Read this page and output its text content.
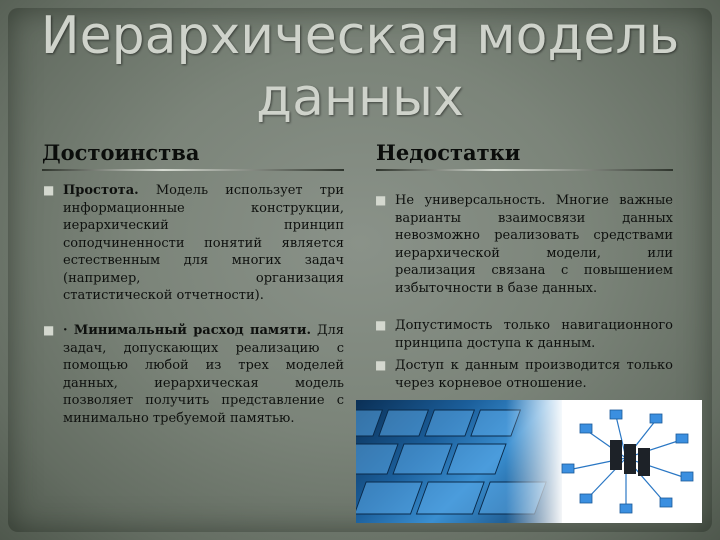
Иерархическая модель
данных
Достоинства	Недостатки
■ Простота. Модель использует три информационные конструкции, иерархический принцип соподчиненности понятий является естественным для многих задач (например, организация статистической отчетности).
■ · Минимальный расход памяти. Для задач, допускающих реализацию с помощью любой из трех моделей данных, иерархическая модель позволяет получить представление с минимально требуемой памятью.
■ Не универсальность. Многие важные варианты взаимосвязи данных невозможно реализовать средствами иерархической модели, или реализация связана с повышением избыточности в базе данных.
■ Допустимость только навигационного принципа доступа к данным.
■ Доступ к данным производится только через корневое отношение.
